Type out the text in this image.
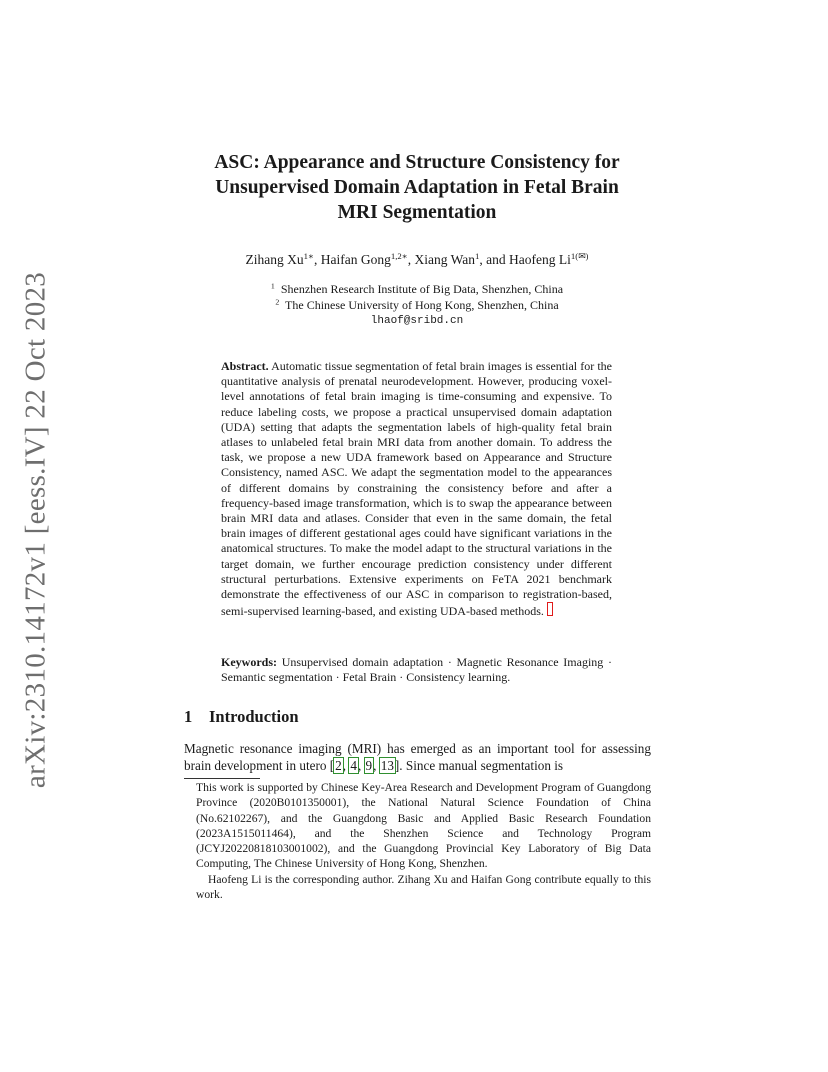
arXiv:2310.14172v1 [eess.IV] 22 Oct 2023
ASC: Appearance and Structure Consistency for
Unsupervised Domain Adaptation in Fetal Brain
MRI Segmentation
Zihang $Xu^{1∗}$, Haifan Gong$^{1,2∗}$, Xiang Wan$^1$, and Haofeng $Li^{1(✉)}$
$^1$ Shenzhen Research Institute of Big Data, Shenzhen, China
$^2$ The Chinese University of Hong Kong, Shenzhen, China
lhaof@sribd.cn
Abstract. Automatic tissue segmentation of fetal brain images is essential for the quantitative analysis of prenatal neurodevelopment. However, producing voxel-level annotations of fetal brain imaging is time-consuming and expensive. To reduce labeling costs, we propose a practical unsupervised domain adaptation (UDA) setting that adapts the segmentation labels of high-quality fetal brain atlases to unlabeled fetal brain MRI data from another domain. To address the task, we propose a new UDA framework based on Appearance and Structure Consistency, named ASC. We adapt the segmentation model to the appearances of different domains by constraining the consistency before and after a frequency-based image transformation, which is to swap the appearance between brain MRI data and atlases. Consider that even in the same domain, the fetal brain images of different gestational ages could have significant variations in the anatomical structures. To make the model adapt to the structural variations in the target domain, we further encourage prediction consistency under different structural perturbations. Extensive experiments on FeTA 2021 benchmark demonstrate the effectiveness of our ASC in comparison to registration-based, semi-supervised learning-based, and existing UDA-based methods.
Keywords: Unsupervised domain adaptation · Magnetic Resonance Imaging · Semantic segmentation · Fetal Brain · Consistency learning.
1 Introduction
Magnetic resonance imaging (MRI) has emerged as an important tool for assessing brain development in utero [2, 4, 9, 13]. Since manual segmentation is

This work is supported by Chinese Key-Area Research and Development Program of Guangdong Province (2020B0101350001), the National Natural Science Foundation of China (No.62102267), and the Guangdong Basic and Applied Basic Research Foundation (2023A1515011464), and the Shenzhen Science and Technology Program (JCYJ20220818103001002), and the Guangdong Provincial Key Laboratory of Big Data Computing, The Chinese University of Hong Kong, Shenzhen.

Haofeng Li is the corresponding author. Zihang Xu and Haifan Gong contribute equally to this work.
